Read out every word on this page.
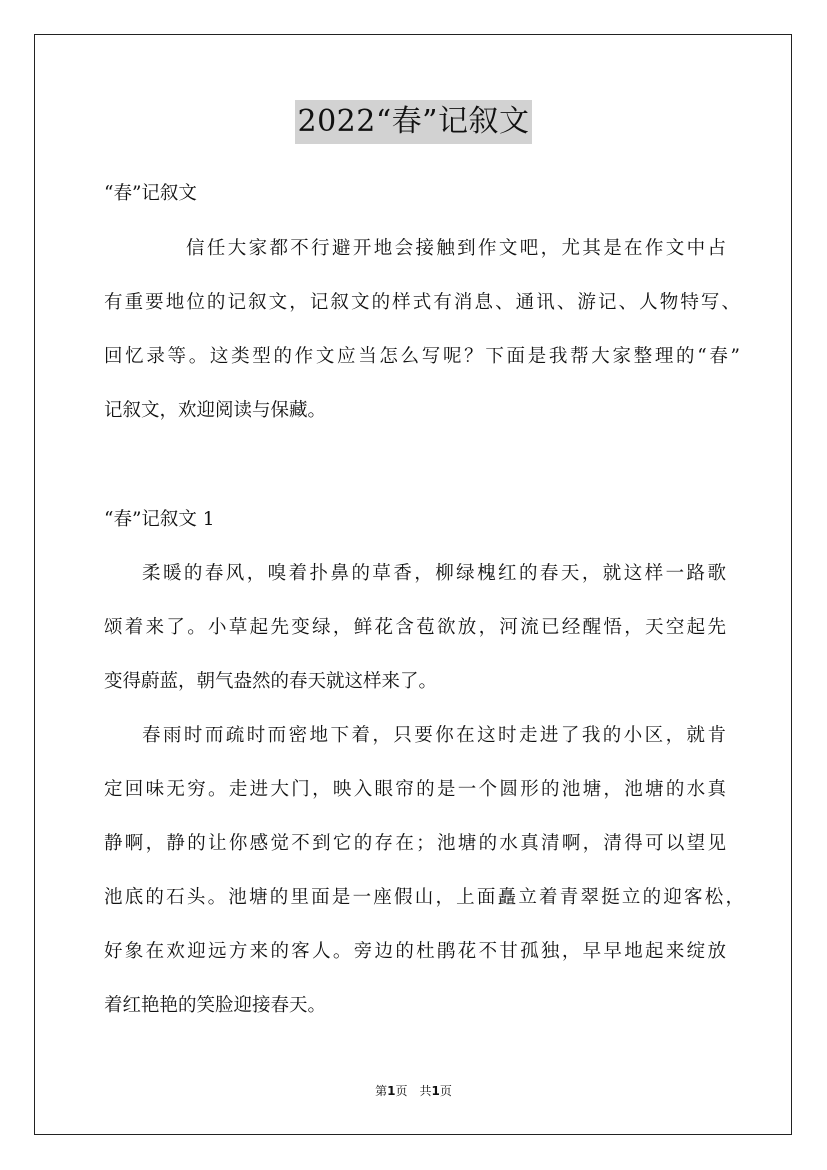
2022“春”记叙文
“春”记叙文
信任大家都不行避开地会接触到作文吧，尤其是在作文中占
有重要地位的记叙文，记叙文的样式有消息、通讯、游记、人物特写、
回忆录等。这类型的作文应当怎么写呢？下面是我帮大家整理的“春”
记叙文，欢迎阅读与保藏。
“春”记叙文 1
柔暖的春风，嗅着扑鼻的草香，柳绿槐红的春天，就这样一路歌
颂着来了。小草起先变绿，鲜花含苞欲放，河流已经醒悟，天空起先
变得蔚蓝，朝气盎然的春天就这样来了。
春雨时而疏时而密地下着，只要你在这时走进了我的小区，就肯
定回味无穷。走进大门，映入眼帘的是一个圆形的池塘，池塘的水真
静啊，静的让你感觉不到它的存在；池塘的水真清啊，清得可以望见
池底的石头。池塘的里面是一座假山，上面矗立着青翠挺立的迎客松，
好象在欢迎远方来的客人。旁边的杜鹃花不甘孤独，早早地起来绽放
着红艳艳的笑脸迎接春天。
第1页　共1页
